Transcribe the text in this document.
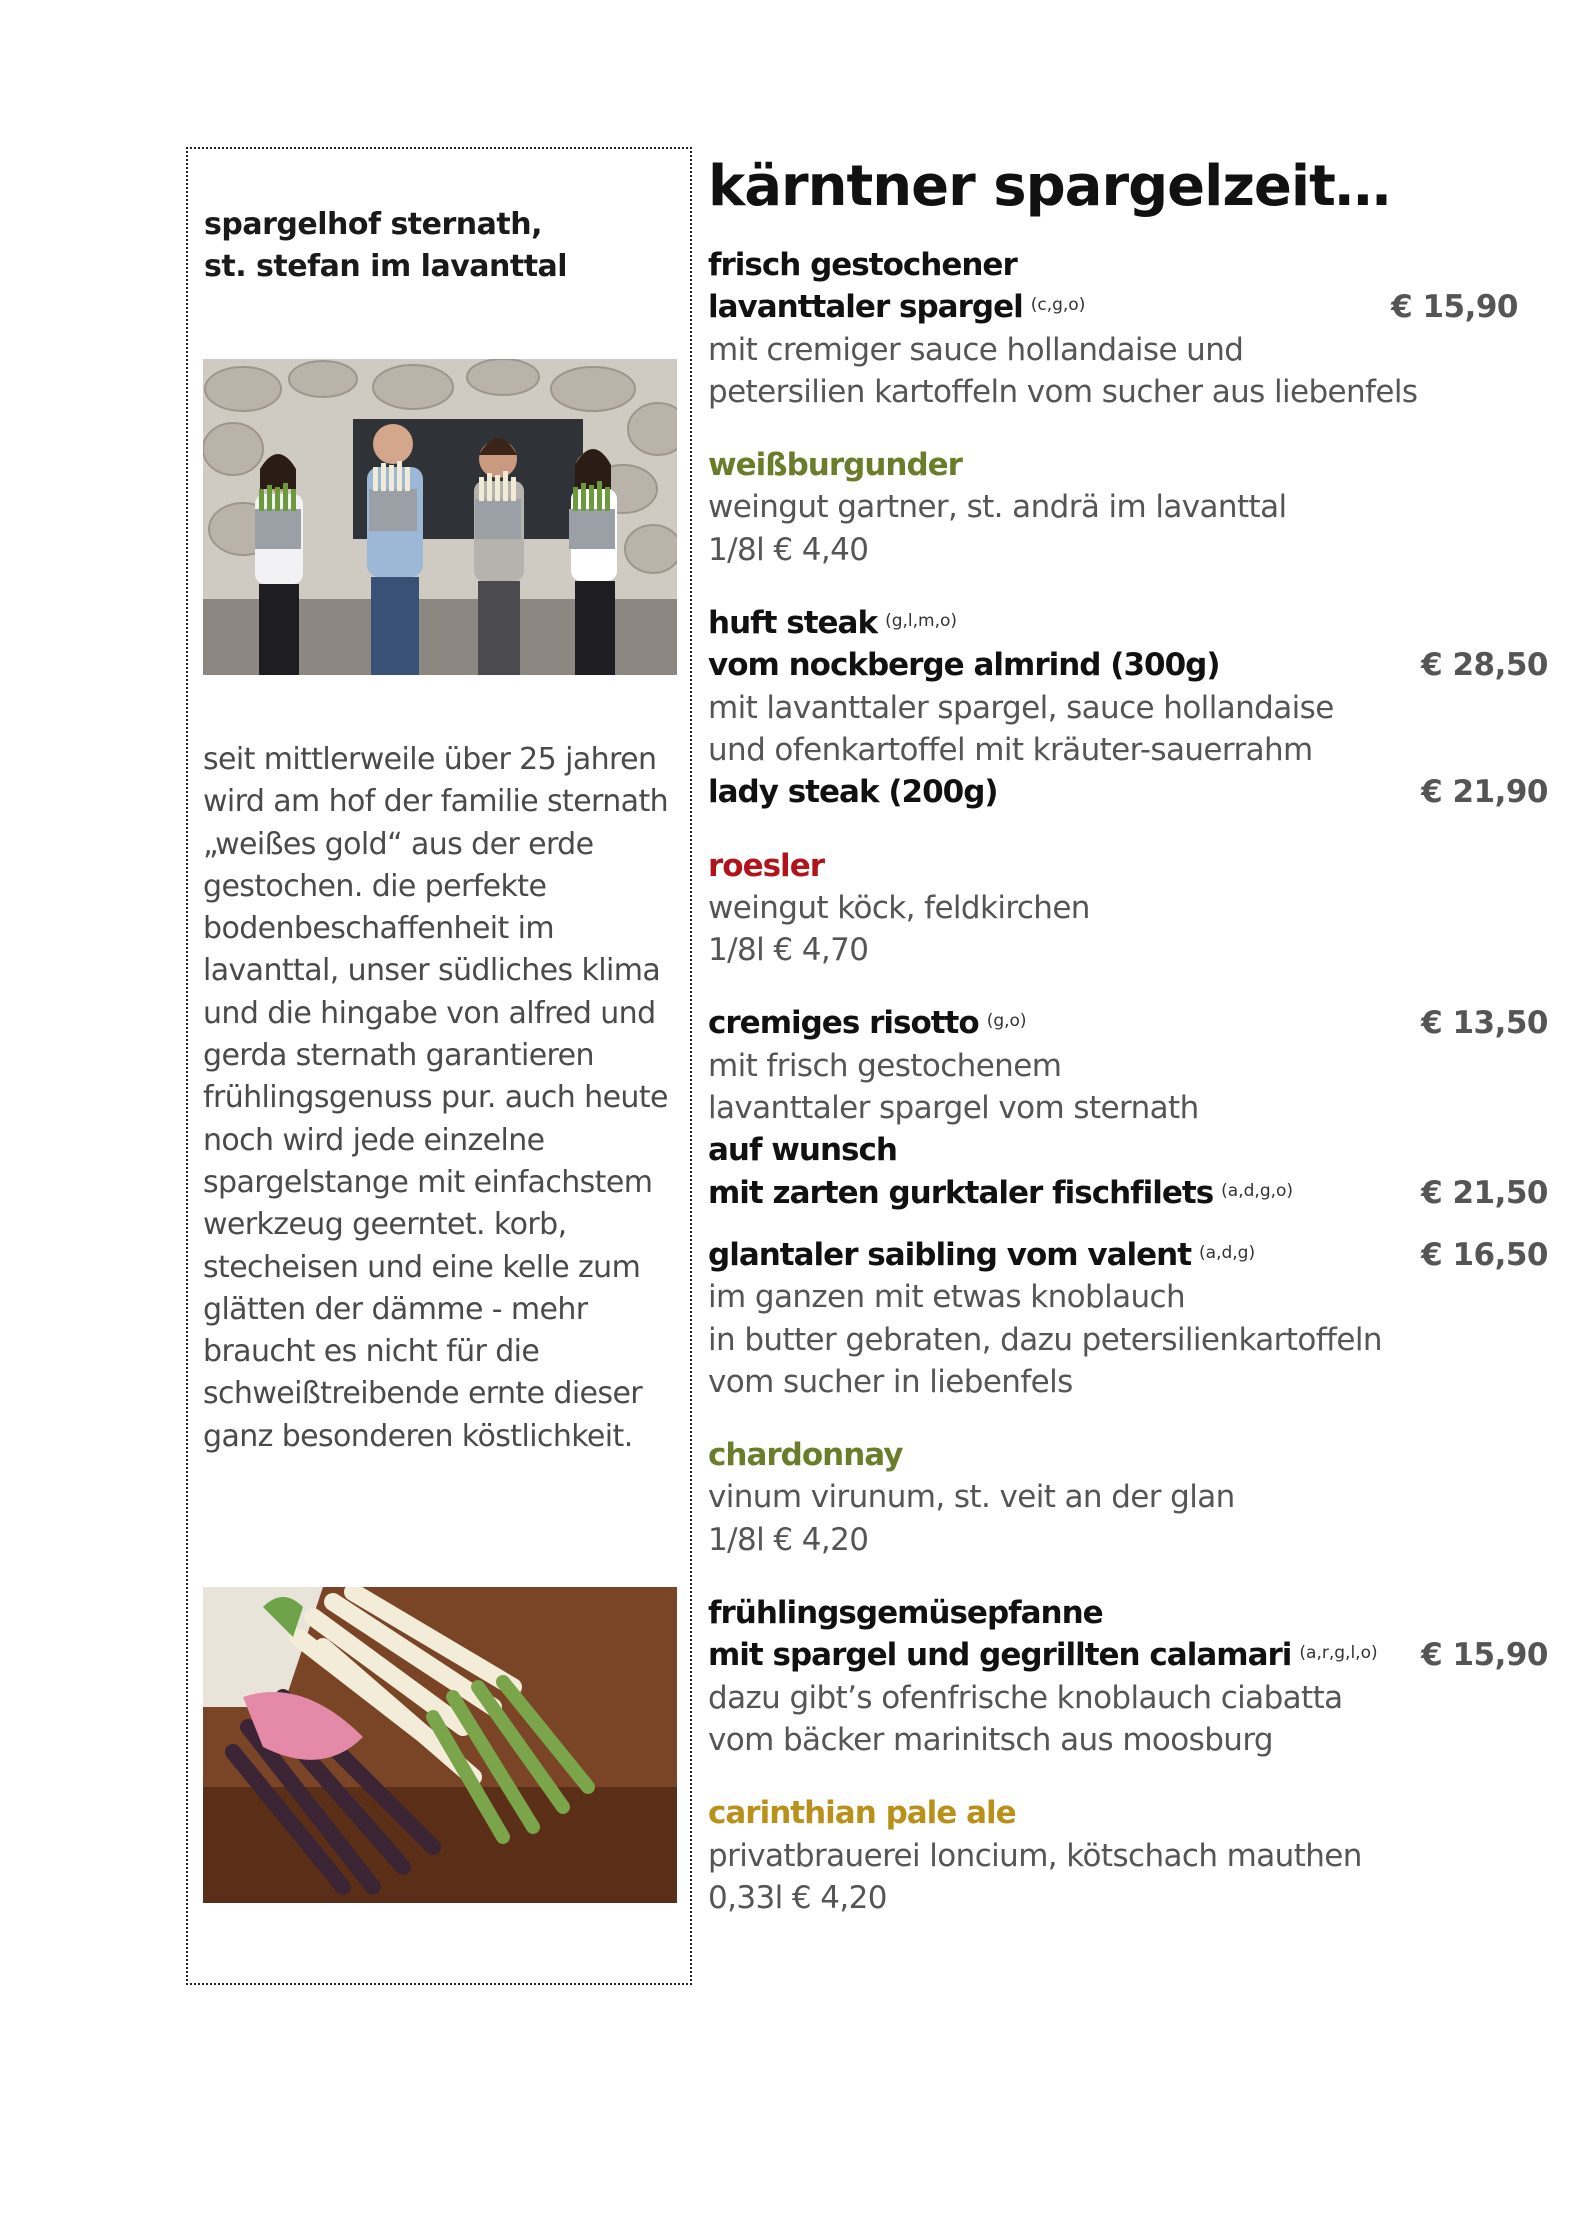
spargelhof sternath,
st. stefan im lavanttal
seit mittlerweile über 25 jahren
wird am hof der familie sternath
„weißes gold“ aus der erde
gestochen. die perfekte
bodenbeschaffenheit im
lavanttal, unser südliches klima
und die hingabe von alfred und
gerda sternath garantieren
frühlingsgenuss pur. auch heute
noch wird jede einzelne
spargelstange mit einfachstem
werkzeug geerntet. korb,
stecheisen und eine kelle zum
glätten der dämme - mehr
braucht es nicht für die
schweißtreibende ernte dieser
ganz besonderen köstlichkeit.
kärntner spargelzeit…
frisch gestochener
lavanttaler spargel $^{(c,g,o)}$	€ 15,90
mit cremiger sauce hollandaise und
petersilien kartoffeln vom sucher aus liebenfels
weißburgunder
weingut gartner, st. andrä im lavanttal
1/8l € 4,40
huft steak $^{(g,l,m,o)}$
vom nockberge almrind (300g)	€ 28,50
mit lavanttaler spargel, sauce hollandaise
und ofenkartoffel mit kräuter-sauerrahm
lady steak (200g)	€ 21,90
roesler
weingut köck, feldkirchen
1/8l € 4,70
cremiges risotto $^{(g,o)}$	€ 13,50
mit frisch gestochenem
lavanttaler spargel vom sternath
auf wunsch
mit zarten gurktaler fischfilets $^{(a,d,g,o)}$	€ 21,50
glantaler saibling vom valent $^{(a,d,g)}$	€ 16,50
im ganzen mit etwas knoblauch
in butter gebraten, dazu petersilienkartoffeln
vom sucher in liebenfels
chardonnay
vinum virunum, st. veit an der glan
1/8l € 4,20
frühlingsgemüsepfanne
mit spargel und gegrillten calamari $^{(a,r,g,l,o)}$ € 15,90
dazu gibt’s ofenfrische knoblauch ciabatta
vom bäcker marinitsch aus moosburg
carinthian pale ale
privatbrauerei loncium, kötschach mauthen
0,33l € 4,20
